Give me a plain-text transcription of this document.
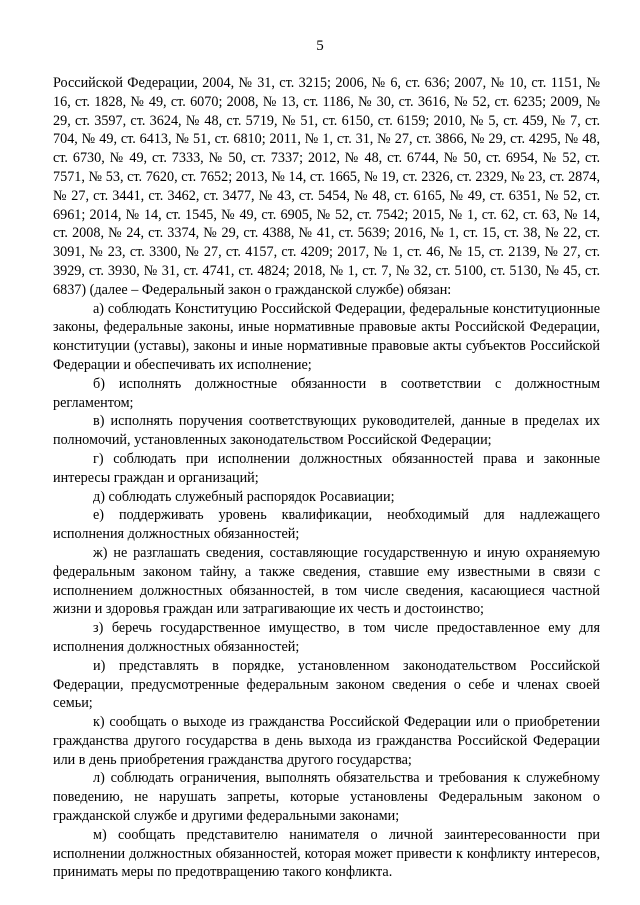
5

Российской Федерации, 2004, № 31, ст. 3215; 2006, № 6, ст. 636; 2007, № 10, ст. 1151, № 16, ст. 1828, № 49, ст. 6070; 2008, № 13, ст. 1186, № 30, ст. 3616, № 52, ст. 6235; 2009, № 29, ст. 3597, ст. 3624, № 48, ст. 5719, № 51, ст. 6150, ст. 6159; 2010, № 5, ст. 459, № 7, ст. 704, № 49, ст. 6413, № 51, ст. 6810; 2011, № 1, ст. 31, № 27, ст. 3866, № 29, ст. 4295, № 48, ст. 6730, № 49, ст. 7333, № 50, ст. 7337; 2012, № 48, ст. 6744, № 50, ст. 6954, № 52, ст. 7571, № 53, ст. 7620, ст. 7652; 2013, № 14, ст. 1665, № 19, ст. 2326, ст. 2329, № 23, ст. 2874, № 27, ст. 3441, ст. 3462, ст. 3477, № 43, ст. 5454, № 48, ст. 6165, № 49, ст. 6351, № 52, ст. 6961; 2014, № 14, ст. 1545, № 49, ст. 6905, № 52, ст. 7542; 2015, № 1, ст. 62, ст. 63, № 14, ст. 2008, № 24, ст. 3374, № 29, ст. 4388, № 41, ст. 5639; 2016, № 1, ст. 15, ст. 38, № 22, ст. 3091, № 23, ст. 3300, № 27, ст. 4157, ст. 4209; 2017, № 1, ст. 46, № 15, ст. 2139, № 27, ст. 3929, ст. 3930, № 31, ст. 4741, ст. 4824; 2018, № 1, ст. 7, № 32, ст. 5100, ст. 5130, № 45, ст. 6837) (далее – Федеральный закон о гражданской службе) обязан:

а) соблюдать Конституцию Российской Федерации, федеральные конституционные законы, федеральные законы, иные нормативные правовые акты Российской Федерации, конституции (уставы), законы и иные нормативные правовые акты субъектов Российской Федерации и обеспечивать их исполнение;

б) исполнять должностные обязанности в соответствии с должностным регламентом;

в) исполнять поручения соответствующих руководителей, данные в пределах их полномочий, установленных законодательством Российской Федерации;

г) соблюдать при исполнении должностных обязанностей права и законные интересы граждан и организаций;

д) соблюдать служебный распорядок Росавиации;

е) поддерживать уровень квалификации, необходимый для надлежащего исполнения должностных обязанностей;

ж) не разглашать сведения, составляющие государственную и иную охраняемую федеральным законом тайну, а также сведения, ставшие ему известными в связи с исполнением должностных обязанностей, в том числе сведения, касающиеся частной жизни и здоровья граждан или затрагивающие их честь и достоинство;

з) беречь государственное имущество, в том числе предоставленное ему для исполнения должностных обязанностей;

и) представлять в порядке, установленном законодательством Российской Федерации, предусмотренные федеральным законом сведения о себе и членах своей семьи;

к) сообщать о выходе из гражданства Российской Федерации или о приобретении гражданства другого государства в день выхода из гражданства Российской Федерации или в день приобретения гражданства другого государства;

л) соблюдать ограничения, выполнять обязательства и требования к служебному поведению, не нарушать запреты, которые установлены Федеральным законом о гражданской службе и другими федеральными законами;

м) сообщать представителю нанимателя о личной заинтересованности при исполнении должностных обязанностей, которая может привести к конфликту интересов, принимать меры по предотвращению такого конфликта.
